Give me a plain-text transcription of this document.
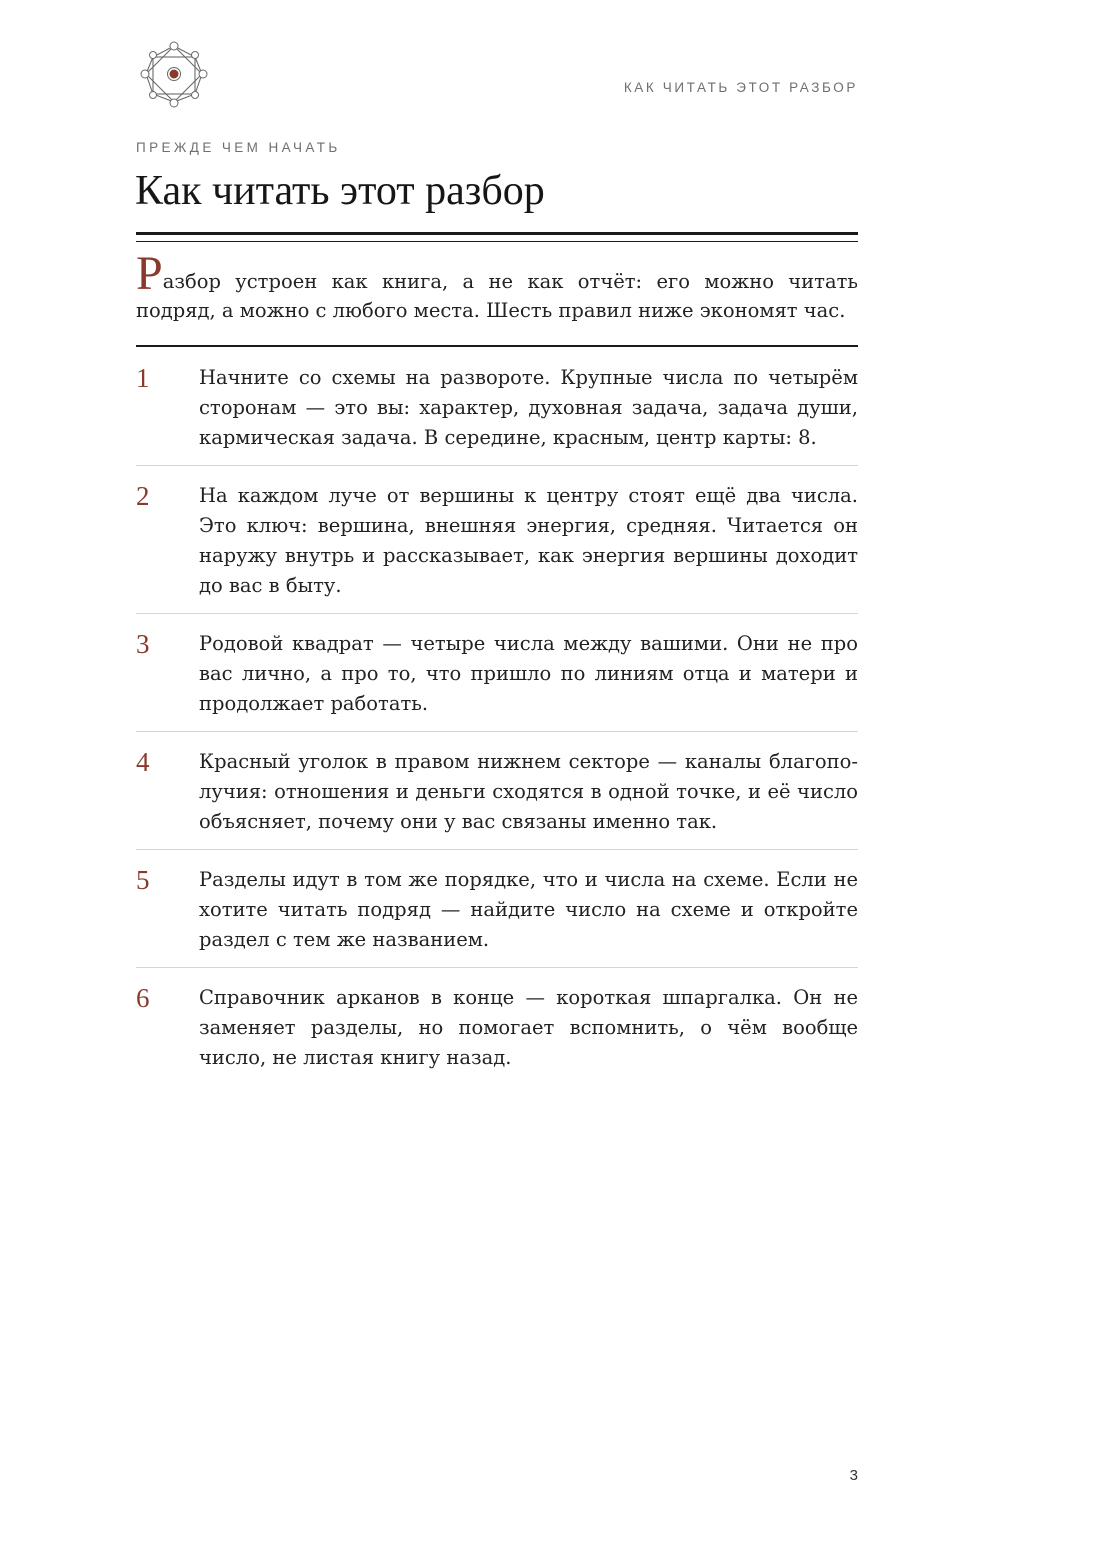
КАК ЧИТАТЬ ЭТОТ РАЗБОР
ПРЕЖДЕ ЧЕМ НАЧАТЬ
Как читать этот разбор

Разбор устроен как книга, а не как отчёт: его можно читать подряд, а можно с любого места. Шесть правил ниже экономят час.

1	Начните со схемы на развороте. Крупные числа по четырём сторонам — это вы: характер, духовная задача, задача души, кармическая задача. В середине, красным, центр карты: 8.

2	На каждом луче от вершины к центру стоят ещё два числа. Это ключ: вершина, внешняя энергия, средняя. Читается он наружу внутрь и рассказывает, как энергия вершины доходит до вас в быту.

3	Родовой квадрат — четыре числа между вашими. Они не про вас лично, а про то, что пришло по линиям отца и матери и продолжает работать.

4	Красный уголок в правом нижнем секторе — каналы благополучия: отношения и деньги сходятся в одной точке, и её число объясняет, почему они у вас связаны именно так.

5	Разделы идут в том же порядке, что и числа на схеме. Если не хотите читать подряд — найдите число на схеме и откройте раздел с тем же названием.

6	Справочник арканов в конце — короткая шпаргалка. Он не заменяет разделы, но помогает вспомнить, о чём вообще число, не листая книгу назад.

3
